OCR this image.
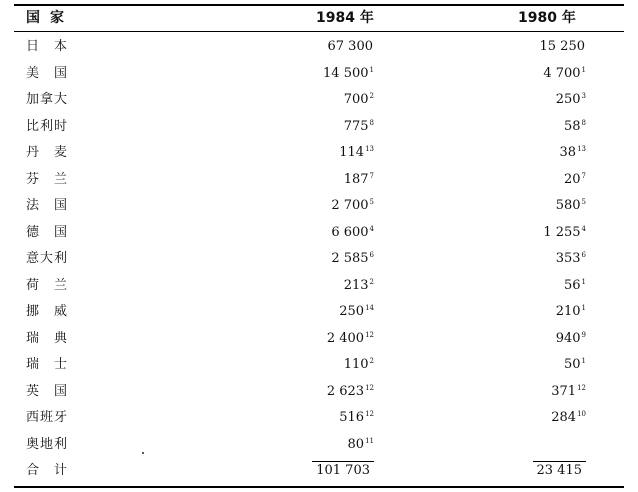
国家	1984 年	1980 年
日　本	67 300	15 250
美　国	14 $500^1$	4 $700^1$
加拿大	$700^2$	$250^3$
比利时	$775^8$	$58^8$
丹　麦	$114^{13}$	$38^{13}$
芬　兰	$187^7$	$20^7$
法　国	2 $700^5$	$580^5$
德　国	6 $600^4$	1 $255^4$
意大利	2 $585^6$	$353^6$
荷　兰	$213^2$	$56^1$
挪　威	$250^{14}$	$210^1$
瑞　典	2 $400^{12}$	$940^9$
瑞　士	$110^2$	$50^1$
英　国	2 $623^{12}$	$371^{12}$
西班牙	$516^{12}$	$284^{10}$
奥地利	$80^{11}$
合　计	101 703	23 415
